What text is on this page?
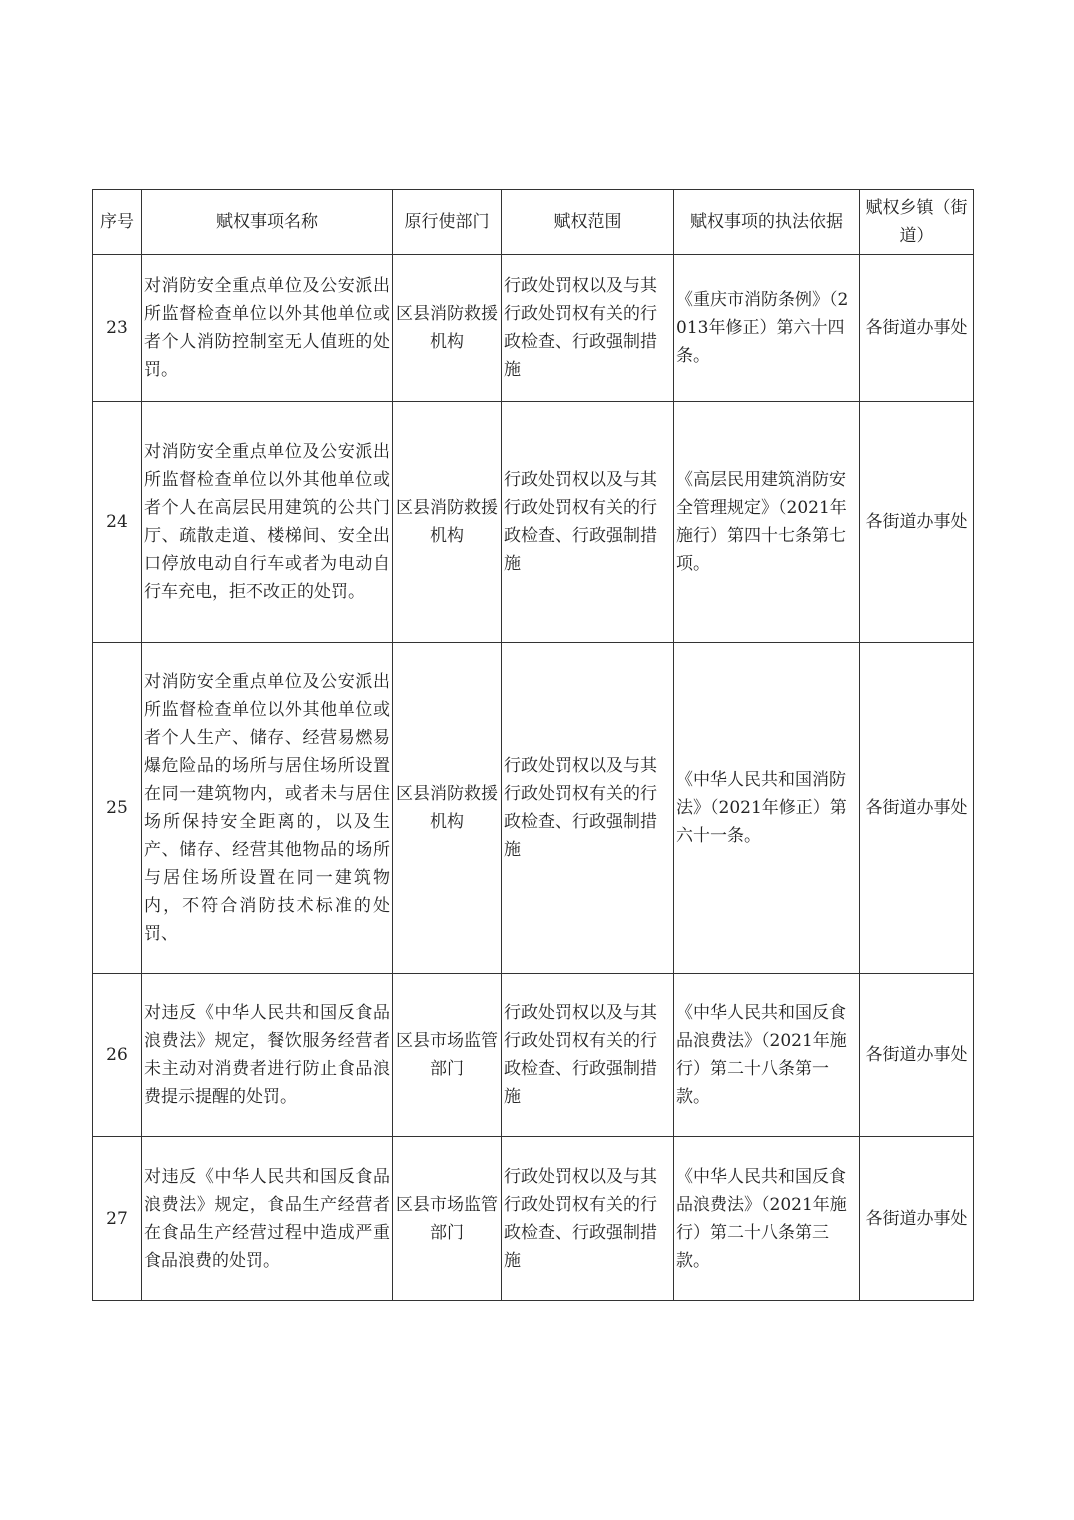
序号	赋权事项名称	原行使部门	赋权范围	赋权事项的执法依据	赋权乡镇（街道）
23	对消防安全重点单位及公安派出所监督检查单位以外其他单位或者个人消防控制室无人值班的处罚。	区县消防救援机构	行政处罚权以及与其行政处罚权有关的行政检查、行政强制措施	《重庆市消防条例》（2013年修正）第六十四条。	各街道办事处
24	对消防安全重点单位及公安派出所监督检查单位以外其他单位或者个人在高层民用建筑的公共门厅、疏散走道、楼梯间、安全出口停放电动自行车或者为电动自行车充电，拒不改正的处罚。	区县消防救援机构	行政处罚权以及与其行政处罚权有关的行政检查、行政强制措施	《高层民用建筑消防安全管理规定》（2021年施行）第四十七条第七项。	各街道办事处
25	对消防安全重点单位及公安派出所监督检查单位以外其他单位或者个人生产、储存、经营易燃易爆危险品的场所与居住场所设置在同一建筑物内，或者未与居住场所保持安全距离的，以及生产、储存、经营其他物品的场所与居住场所设置在同一建筑物内，不符合消防技术标准的处罚、	区县消防救援机构	行政处罚权以及与其行政处罚权有关的行政检查、行政强制措施	《中华人民共和国消防法》（2021年修正）第六十一条。	各街道办事处
26	对违反《中华人民共和国反食品浪费法》规定，餐饮服务经营者未主动对消费者进行防止食品浪费提示提醒的处罚。	区县市场监管部门	行政处罚权以及与其行政处罚权有关的行政检查、行政强制措施	《中华人民共和国反食品浪费法》（2021年施行）第二十八条第一款。	各街道办事处
27	对违反《中华人民共和国反食品浪费法》规定，食品生产经营者在食品生产经营过程中造成严重食品浪费的处罚。	区县市场监管部门	行政处罚权以及与其行政处罚权有关的行政检查、行政强制措施	《中华人民共和国反食品浪费法》（2021年施行）第二十八条第三款。	各街道办事处
